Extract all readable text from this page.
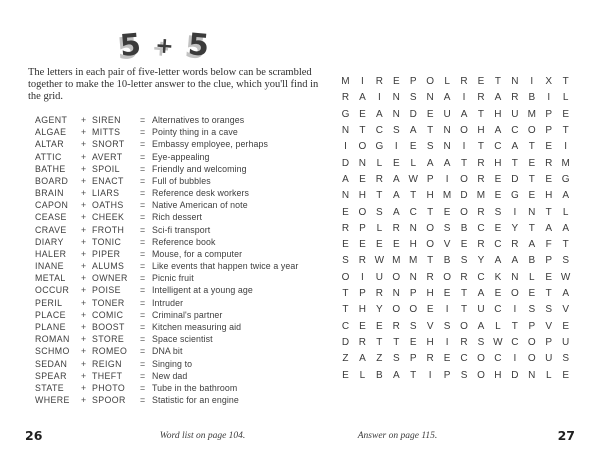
5 + 5
The letters in each pair of five-letter words below can be scrambled together to make the 10-letter answer to the clue, which you'll find in the grid.
AGENT	+ SIREN	= Alternatives to oranges
ALGAE	+ MITTS	= Pointy thing in a cave
ALTAR	+ SNORT	= Embassy employee, perhaps
ATTIC	+ AVERT	= Eye-appealing
BATHE	+ SPOIL	= Friendly and welcoming
BOARD	+ ENACT	= Full of bubbles
BRAIN	+ LIARS	= Reference desk workers
CAPON	+ OATHS	= Native American of note
CEASE	+ CHEEK	= Rich dessert
CRAVE	+ FROTH	= Sci-fi transport
DIARY	+ TONIC	= Reference book
HALER	+ PIPER	= Mouse, for a computer
INANE	+ ALUMS	= Like events that happen twice a year
METAL	+ OWNER	= Picnic fruit
OCCUR	+ POISE	= Intelligent at a young age
PERIL	+ TONER	= Intruder
PLACE	+ COMIC	= Criminal's partner
PLANE	+ BOOST	= Kitchen measuring aid
ROMAN	+ STORE	= Space scientist
SCHMO	+ ROMEO	= DNA bit
SEDAN	+ REIGN	= Singing to
SPEAR	+ THEFT	= New dad
STATE	+ PHOTO	= Tube in the bathroom
WHERE	+ SPOOR	= Statistic for an engine
M	I	R E	P O	L	R E	T	N	I	X	T
R A	I	N S N A	I	R A R B	I	L
G E	A N D E U A	T	H U M P	E
N	T	C S	A	T	N O H A C O P	T
I	O G	I	E	S N	I	T	C A	T	E	I
D N	L	E	L	A	A	T	R H	T	E R M
A	E R A W P	I	O R E D	T	E G
N H	T	A	T	H M D M E G E H A
E O S	A C	T	E O R S	I	N	T	L
R P	L	R N O S	B C E	Y	T	A	A
E	E	E	E H O V	E R C R A	F	T
S R W M M T	B	S	Y	A	A	B	P	S
O	I	U O N R O R C K N	L	E W
T	P R N P H E	T	A	E O E	T	A
T	H Y O O E	I	T	U C	I	S	S	V
C E	E R S	V	S O A	L	T	P	V	E
D R	T	T	E H	I	R S W C O P U
Z	A	Z	S	P R E C O C	I	O U S
E	L	B	A	T	I	P	S O H D N	L	E
26	Word list on page 104.	Answer on page 115.	27
